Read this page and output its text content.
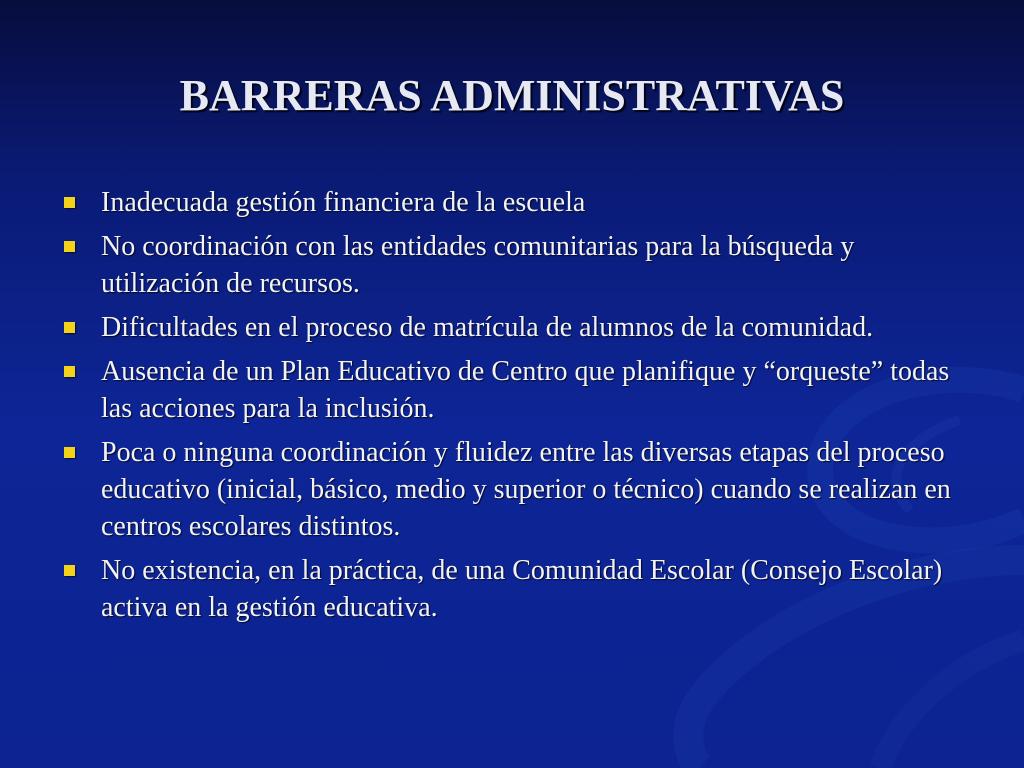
BARRERAS ADMINISTRATIVAS
Inadecuada gestión financiera de la escuela
No coordinación con las entidades comunitarias para la búsqueda y utilización de recursos.
Dificultades en el proceso de matrícula de alumnos de la comunidad.
Ausencia de un Plan Educativo de Centro que planifique y “orqueste” todas las acciones para la inclusión.
Poca o ninguna coordinación y fluidez entre las diversas etapas del proceso educativo (inicial, básico, medio y superior o técnico) cuando se realizan en centros escolares distintos.
No existencia, en la práctica, de una Comunidad Escolar (Consejo Escolar) activa en la gestión educativa.
